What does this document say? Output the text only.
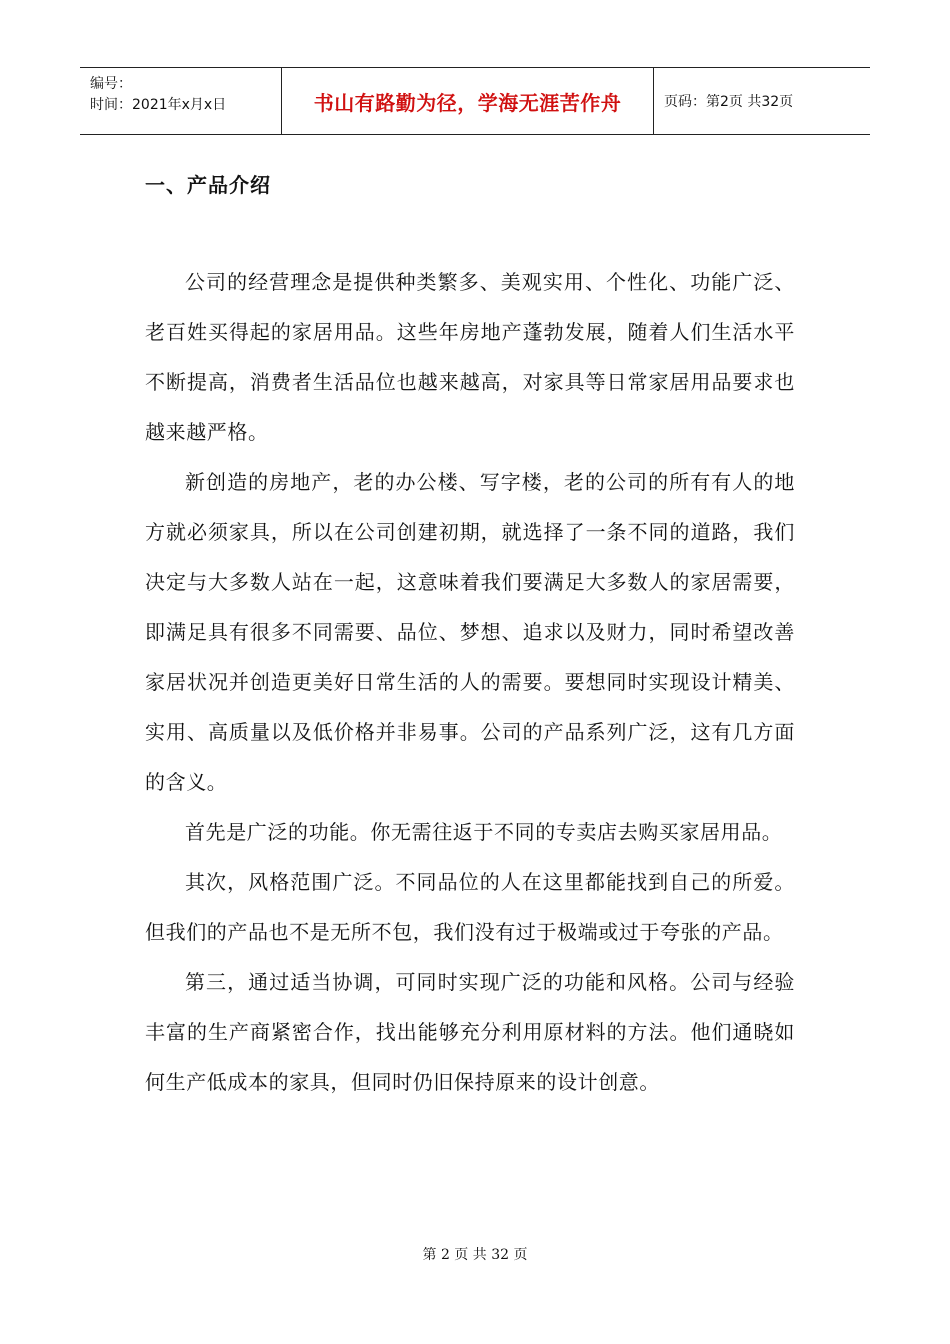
编号：
时间：2021年x月x日	书山有路勤为径，学海无涯苦作舟	页码：第2页 共32页
一、产品介绍

公司的经营理念是提供种类繁多、美观实用、个性化、功能广泛、老百姓买得起的家居用品。这些年房地产蓬勃发展，随着人们生活水平不断提高，消费者生活品位也越来越高，对家具等日常家居用品要求也越来越严格。

新创造的房地产，老的办公楼、写字楼，老的公司的所有有人的地方就必须家具，所以在公司创建初期，就选择了一条不同的道路，我们决定与大多数人站在一起，这意味着我们要满足大多数人的家居需要，即满足具有很多不同需要、品位、梦想、追求以及财力，同时希望改善家居状况并创造更美好日常生活的人的需要。要想同时实现设计精美、实用、高质量以及低价格并非易事。公司的产品系列广泛，这有几方面的含义。

首先是广泛的功能。你无需往返于不同的专卖店去购买家居用品。

其次，风格范围广泛。不同品位的人在这里都能找到自己的所爱。但我们的产品也不是无所不包，我们没有过于极端或过于夸张的产品。

第三，通过适当协调，可同时实现广泛的功能和风格。公司与经验丰富的生产商紧密合作，找出能够充分利用原材料的方法。他们通晓如何生产低成本的家具，但同时仍旧保持原来的设计创意。

第 2 页 共 32 页
